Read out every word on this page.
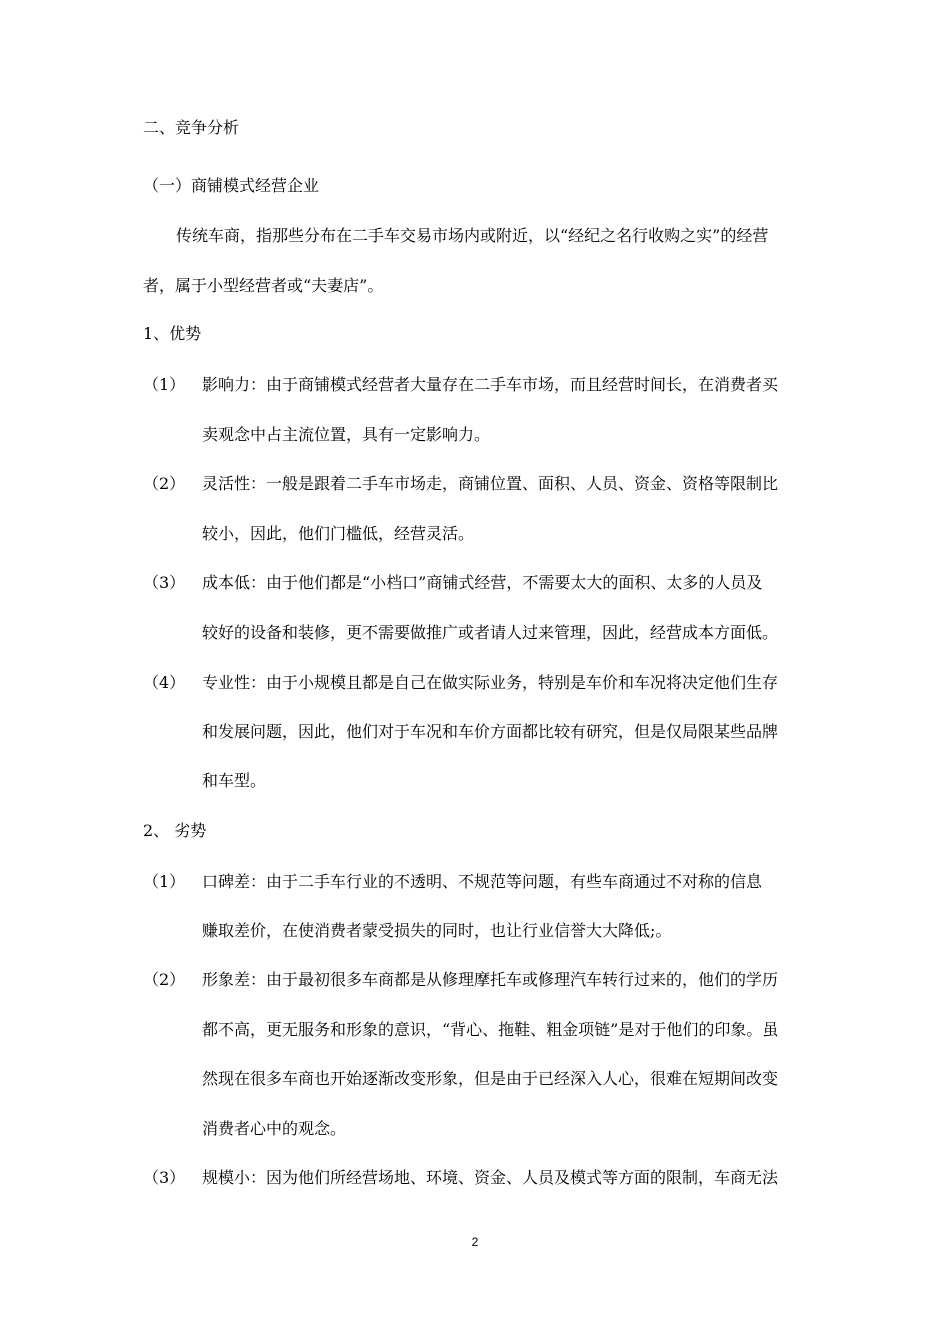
二、竞争分析
（一）商铺模式经营企业
传统车商，指那些分布在二手车交易市场内或附近，以“经纪之名行收购之实”的经营
者，属于小型经营者或“夫妻店”。
1、优势
（1） 影响力：由于商铺模式经营者大量存在二手车市场，而且经营时间长，在消费者买
卖观念中占主流位置，具有一定影响力。
（2） 灵活性：一般是跟着二手车市场走，商铺位置、面积、人员、资金、资格等限制比
较小，因此，他们门槛低，经营灵活。
（3） 成本低：由于他们都是“小档口”商铺式经营，不需要太大的面积、太多的人员及
较好的设备和装修，更不需要做推广或者请人过来管理，因此，经营成本方面低。
（4） 专业性：由于小规模且都是自己在做实际业务，特别是车价和车况将决定他们生存
和发展问题，因此，他们对于车况和车价方面都比较有研究，但是仅局限某些品牌
和车型。
2、 劣势
（1） 口碑差：由于二手车行业的不透明、不规范等问题，有些车商通过不对称的信息
赚取差价，在使消费者蒙受损失的同时，也让行业信誉大大降低;。
（2） 形象差：由于最初很多车商都是从修理摩托车或修理汽车转行过来的，他们的学历
都不高，更无服务和形象的意识，“背心、拖鞋、粗金项链”是对于他们的印象。虽
然现在很多车商也开始逐渐改变形象，但是由于已经深入人心，很难在短期间改变
消费者心中的观念。
（3） 规模小：因为他们所经营场地、环境、资金、人员及模式等方面的限制，车商无法
2
